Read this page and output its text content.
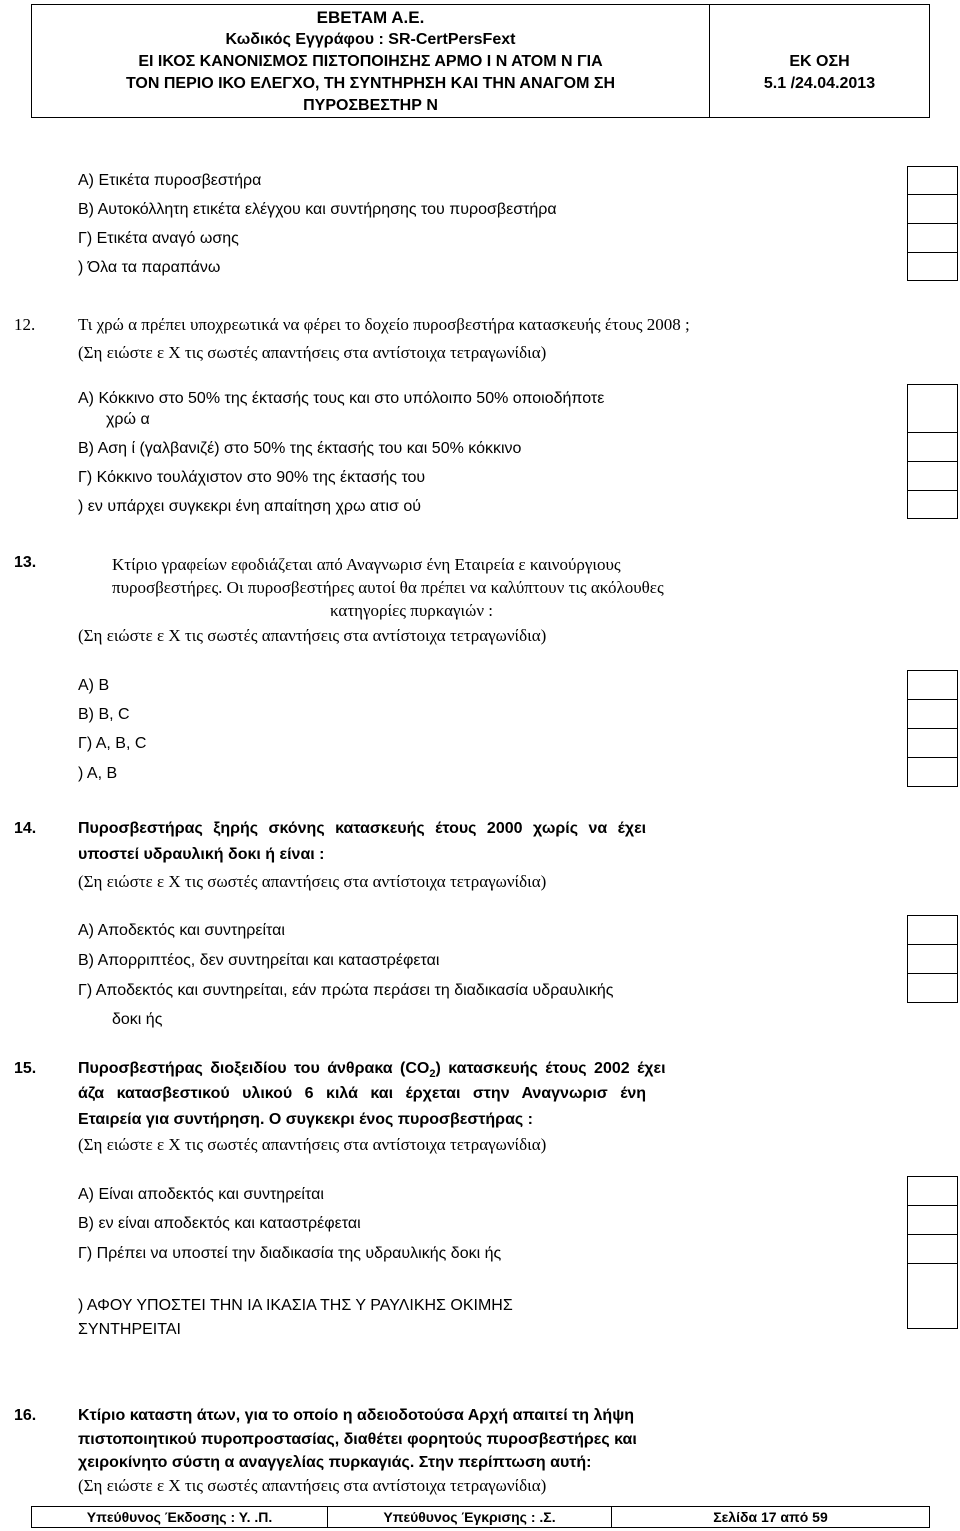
ΕΒΕΤΑΜ Α.Ε.
Κωδικός Εγγράφου : SR-CertPersFext
ΕΙ ΙΚΟΣ ΚΑΝΟΝΙΣΜΟΣ ΠΙΣΤΟΠΟΙΗΣΗΣ ΑΡΜΟ Ι Ν ΑΤΟΜ Ν ΓΙΑ
ΤΟΝ ΠΕΡΙΟ ΙΚΟ ΕΛΕΓΧΟ, ΤΗ ΣΥΝΤΗΡΗΣΗ ΚΑΙ ΤΗΝ ΑΝΑΓΟΜ ΣΗ
ΠΥΡΟΣΒΕΣΤΗΡ Ν
ΕΚ ΟΣΗ
5.1 /24.04.2013
Α) Ετικέτα πυροσβεστήρα
Β) Αυτοκόλλητη ετικέτα ελέγχου και συντήρησης του πυροσβεστήρα
Γ) Ετικέτα αναγό ωσης
) Όλα τα παραπάνω
12.	Τι χρώ α πρέπει υποχρεωτικά να φέρει το δοχείο πυροσβεστήρα κατασκευής έτους 2008 ;
(Ση ειώστε ε Χ τις σωστές απαντήσεις στα αντίστοιχα τετραγωνίδια)
Α) Κόκκινο στο 50% της έκτασής τους και στο υπόλοιπο 50% οποιοδήποτε
χρώ α
Β) Αση ί (γαλβανιζέ) στο 50% της έκτασής του και 50% κόκκινο
Γ) Κόκκινο τουλάχιστον στο 90% της έκτασής του
) εν υπάρχει συγκεκρι ένη απαίτηση χρω ατισ ού
13.	Κτίριο γραφείων εφοδιάζεται από Αναγνωρισ ένη Εταιρεία ε καινούργιους
πυροσβεστήρες. Οι πυροσβεστήρες αυτοί θα πρέπει να καλύπτουν τις ακόλουθες
κατηγορίες πυρκαγιών :
(Ση ειώστε ε Χ τις σωστές απαντήσεις στα αντίστοιχα τετραγωνίδια)
Α) Β
Β) Β, C
Γ) Α, Β, C
) Α, Β
14.	Πυροσβεστήρας ξηρής σκόνης κατασκευής έτους 2000 χωρίς να έχει
υποστεί υδραυλική δοκι ή είναι :
(Ση ειώστε ε Χ τις σωστές απαντήσεις στα αντίστοιχα τετραγωνίδια)
Α) Αποδεκτός και συντηρείται
Β) Απορριπτέος, δεν συντηρείται και καταστρέφεται
Γ) Αποδεκτός και συντηρείται, εάν πρώτα περάσει τη διαδικασία υδραυλικής
δοκι ής
15.	Πυροσβεστήρας διοξειδίου του άνθρακα $(CO_2)$ κατασκευής έτους 2002 έχει
άζα κατασβεστικού υλικού 6 κιλά και έρχεται στην Αναγνωρισ ένη
Εταιρεία για συντήρηση. Ο συγκεκρι ένος πυροσβεστήρας :
(Ση ειώστε ε Χ τις σωστές απαντήσεις στα αντίστοιχα τετραγωνίδια)
Α) Είναι αποδεκτός και συντηρείται
Β) εν είναι αποδεκτός και καταστρέφεται
Γ) Πρέπει να υποστεί την διαδικασία της υδραυλικής δοκι ής
) ΑΦΟΥ ΥΠΟΣΤΕΙ ΤΗΝ ΙΑ ΙΚΑΣΙΑ ΤΗΣ Υ ΡΑΥΛΙΚΗΣ ΟΚΙΜΗΣ
ΣΥΝΤΗΡΕΙΤΑΙ
16.	Κτίριο καταστη άτων, για το οποίο η αδειοδοτούσα Αρχή απαιτεί τη λήψη
πιστοποιητικού πυροπροστασίας, διαθέτει φορητούς πυροσβεστήρες και
χειροκίνητο σύστη α αναγγελίας πυρκαγιάς. Στην περίπτωση αυτή:
(Ση ειώστε ε Χ τις σωστές απαντήσεις στα αντίστοιχα τετραγωνίδια)
Υπεύθυνος Έκδοσης : Υ. .Π.	Υπεύθυνος Έγκρισης : .Σ.	Σελίδα 17 από 59
